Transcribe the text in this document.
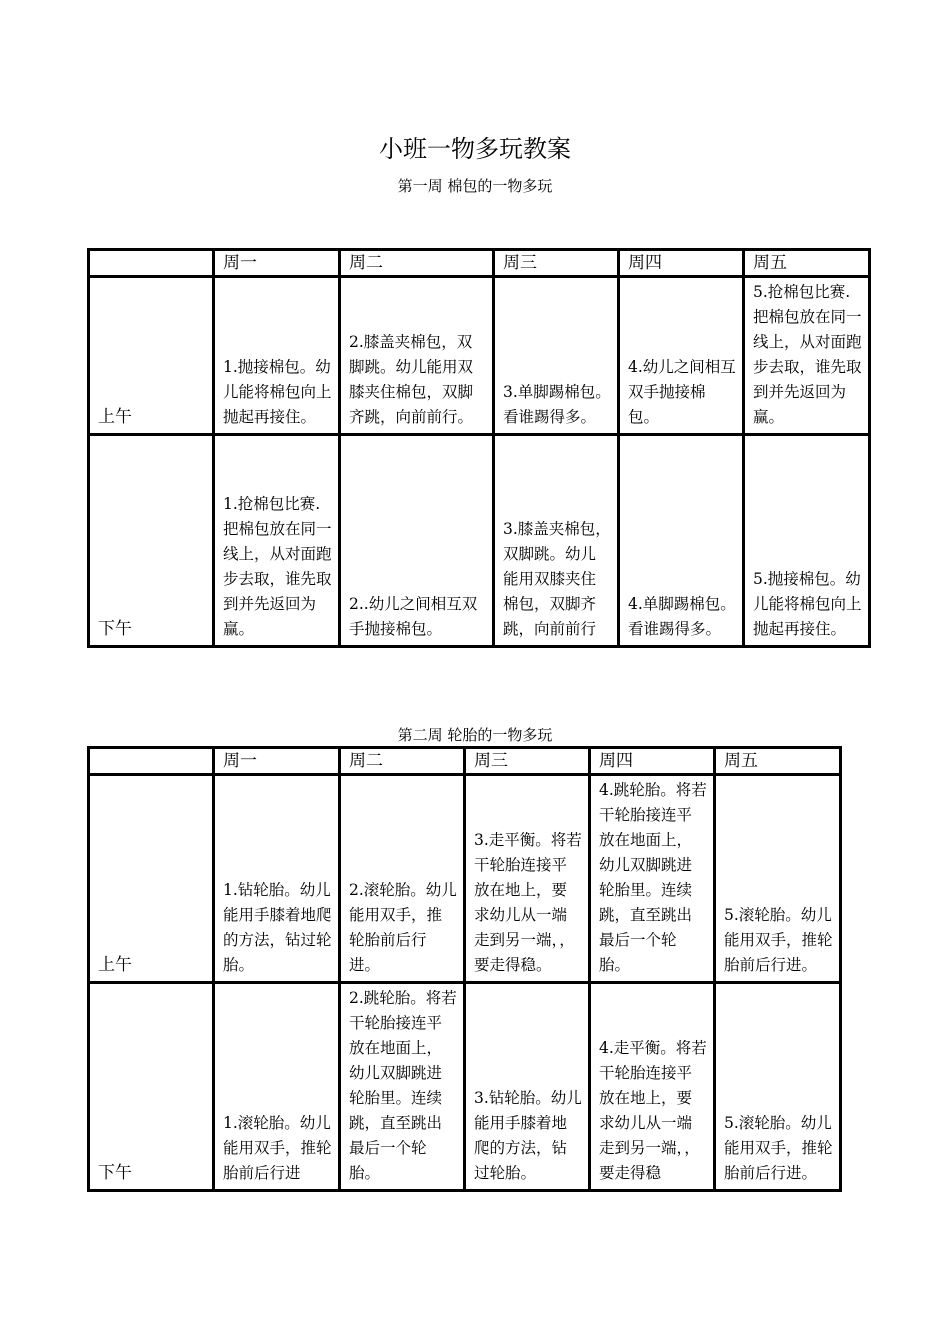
小班一物多玩教案
第一周 棉包的一物多玩
	周一	周二	周三	周四	周五
上午	1.抛接棉包。幼儿能将棉包向上抛起再接住。	2.膝盖夹棉包，双脚跳。幼儿能用双膝夹住棉包，双脚齐跳，向前前行。	3.单脚踢棉包。看谁踢得多。	4.幼儿之间相互双手抛接棉包。	5.抢棉包比赛.把棉包放在同一线上，从对面跑步去取，谁先取到并先返回为赢。
下午	1.抢棉包比赛.把棉包放在同一线上，从对面跑步去取，谁先取到并先返回为赢。	2..幼儿之间相互双手抛接棉包。	3.膝盖夹棉包，双脚跳。幼儿能用双膝夹住棉包，双脚齐跳，向前前行	4.单脚踢棉包。看谁踢得多。	5.抛接棉包。幼儿能将棉包向上抛起再接住。
第二周 轮胎的一物多玩
	周一	周二	周三	周四	周五
上午	1.钻轮胎。幼儿能用手膝着地爬的方法，钻过轮胎。	2.滚轮胎。幼儿能用双手，推轮胎前后行进。	3.走平衡。将若干轮胎连接平放在地上，要求幼儿从一端走到另一端，，要走得稳。	4.跳轮胎。将若干轮胎接连平放在地面上，幼儿双脚跳进轮胎里。连续跳，直至跳出最后一个轮胎。	5.滚轮胎。幼儿能用双手，推轮胎前后行进。
下午	1.滚轮胎。幼儿能用双手，推轮胎前后行进	2.跳轮胎。将若干轮胎接连平放在地面上，幼儿双脚跳进轮胎里。连续跳，直至跳出最后一个轮胎。	3.钻轮胎。幼儿能用手膝着地爬的方法，钻过轮胎。	4.走平衡。将若干轮胎连接平放在地上，要求幼儿从一端走到另一端，，要走得稳	5.滚轮胎。幼儿能用双手，推轮胎前后行进。
